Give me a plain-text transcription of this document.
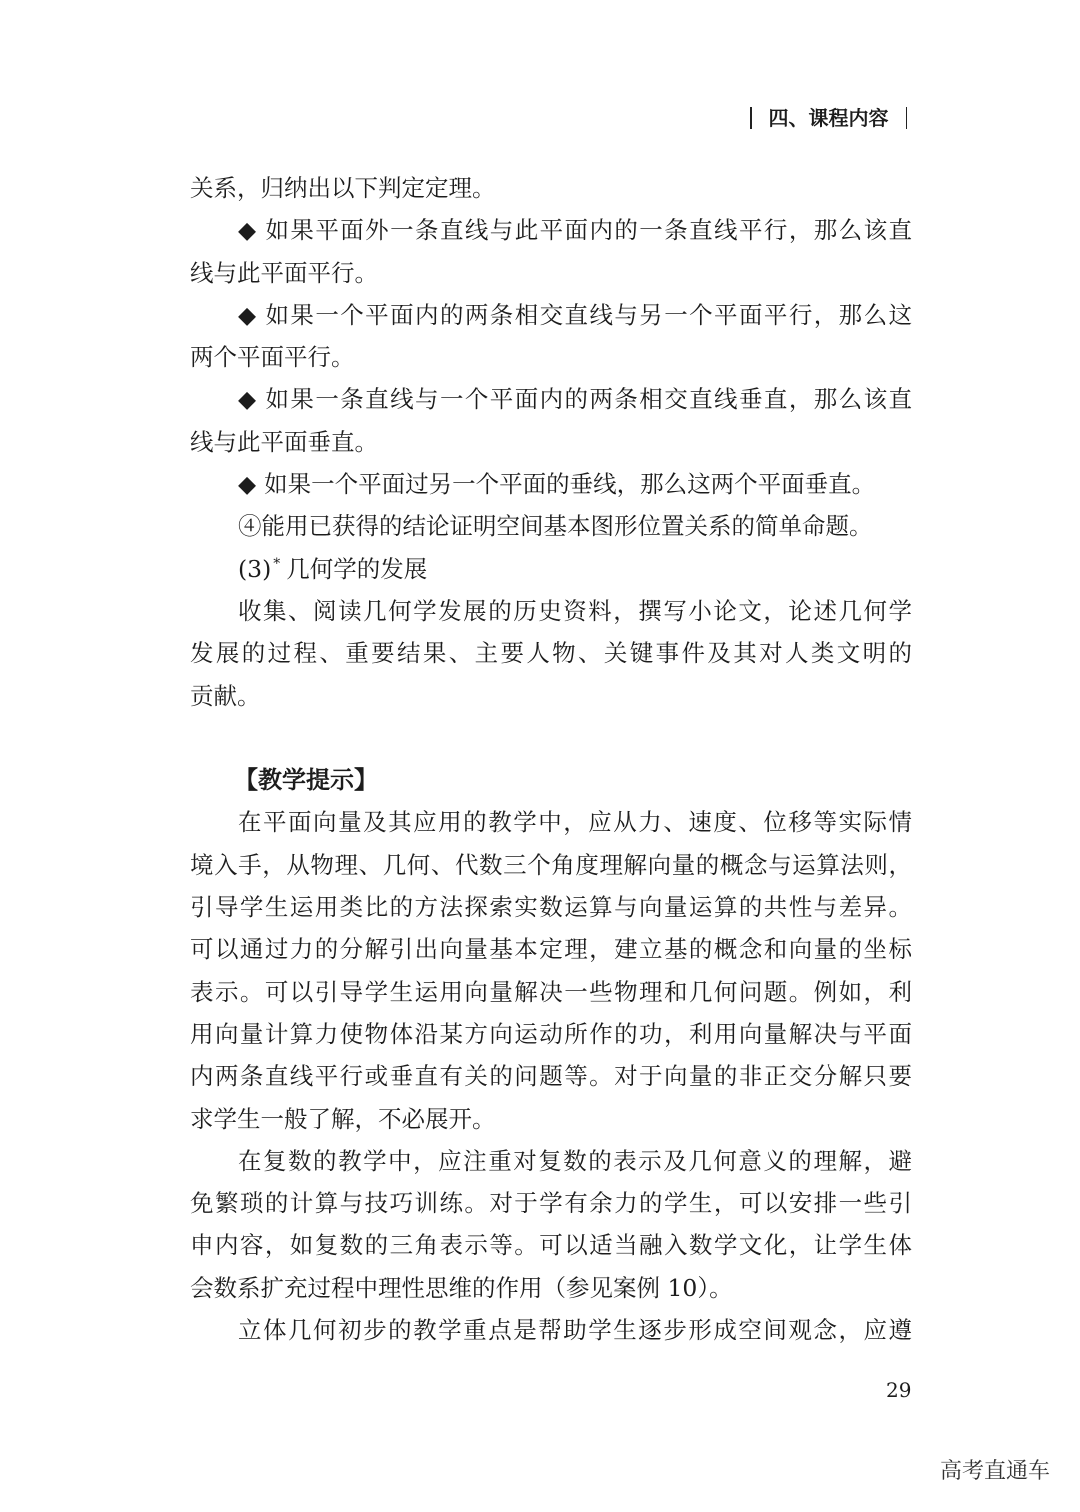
四、课程内容
关系，归纳出以下判定定理。
◆ 如果平面外一条直线与此平面内的一条直线平行，那么该直
线与此平面平行。
◆ 如果一个平面内的两条相交直线与另一个平面平行，那么这
两个平面平行。
◆ 如果一条直线与一个平面内的两条相交直线垂直，那么该直
线与此平面垂直。
◆ 如果一个平面过另一个平面的垂线，那么这两个平面垂直。
④能用已获得的结论证明空间基本图形位置关系的简单命题。
(3) * 几何学的发展
收集、阅读几何学发展的历史资料，撰写小论文，论述几何学
发展的过程、重要结果、主要人物、关键事件及其对人类文明的
贡献。
【教学提示】
在平面向量及其应用的教学中，应从力、速度、位移等实际情
境入手，从物理、几何、代数三个角度理解向量的概念与运算法则，
引导学生运用类比的方法探索实数运算与向量运算的共性与差异。
可以通过力的分解引出向量基本定理，建立基的概念和向量的坐标
表示。可以引导学生运用向量解决一些物理和几何问题。例如，利
用向量计算力使物体沿某方向运动所作的功，利用向量解决与平面
内两条直线平行或垂直有关的问题等。对于向量的非正交分解只要
求学生一般了解，不必展开。
在复数的教学中，应注重对复数的表示及几何意义的理解，避
免繁琐的计算与技巧训练。对于学有余力的学生，可以安排一些引
申内容，如复数的三角表示等。可以适当融入数学文化，让学生体
会数系扩充过程中理性思维的作用（参见案例 10）。
立体几何初步的教学重点是帮助学生逐步形成空间观念，应遵
29
高考直通车
